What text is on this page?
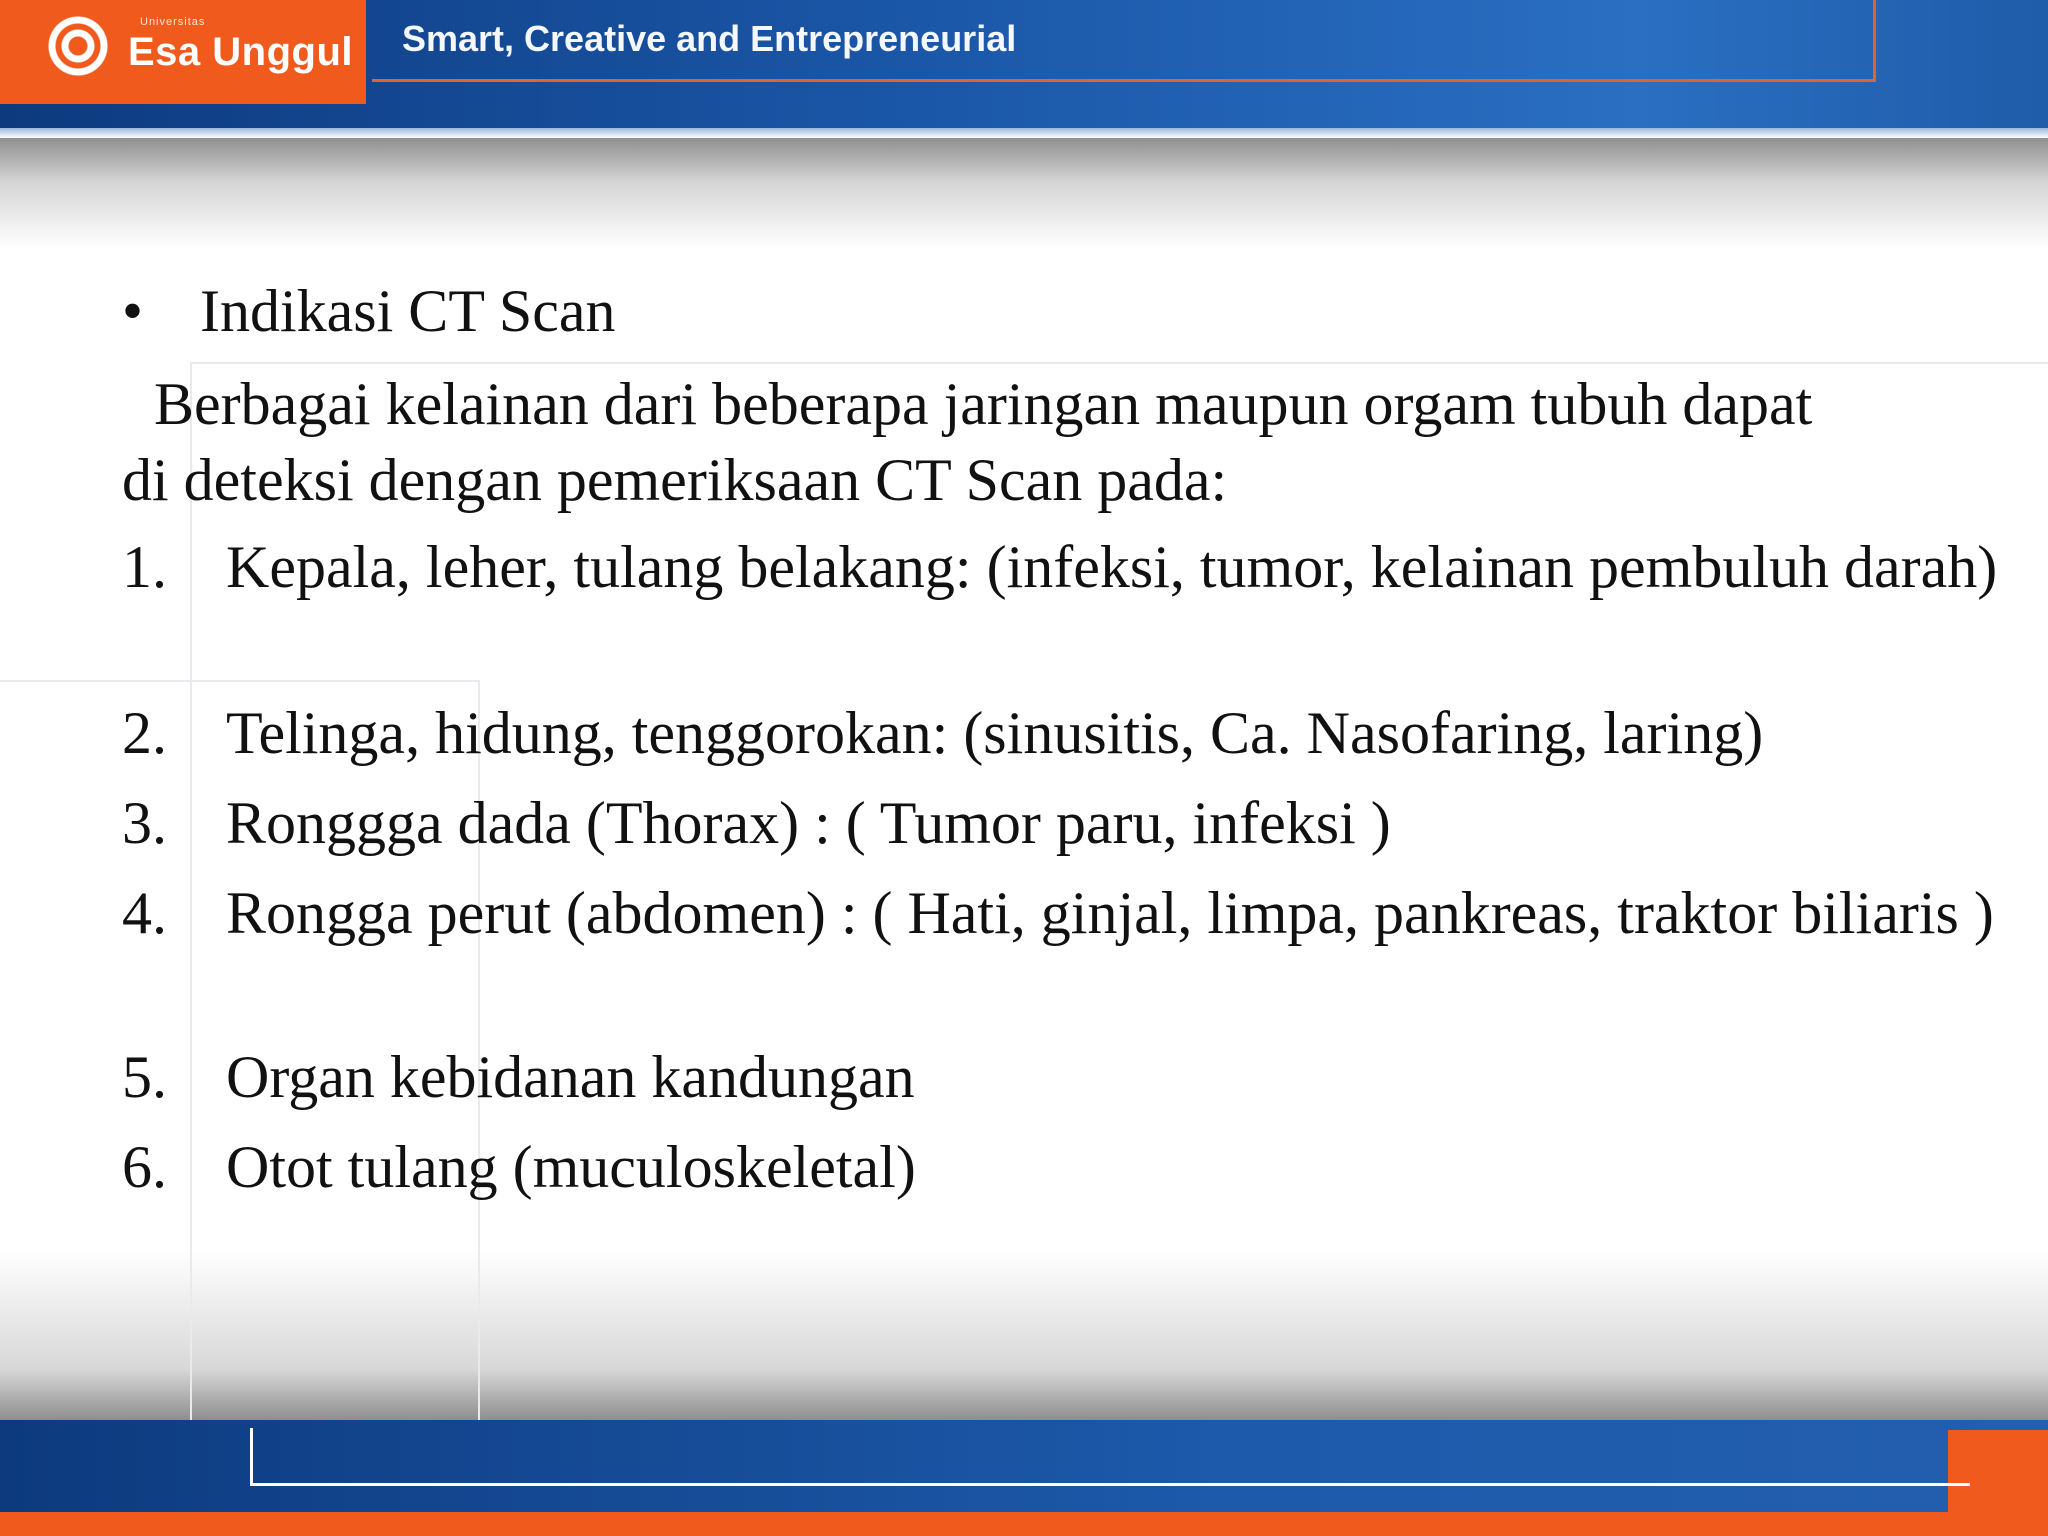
Universitas
Esa Unggul Smart, Creative and Entrepreneurial
• Indikasi CT Scan
Berbagai kelainan dari beberapa jaringan maupun orgam tubuh dapat
di deteksi dengan pemeriksaan CT Scan pada:
1. Kepala, leher, tulang belakang: (infeksi, tumor, kelainan pembuluh darah)
2. Telinga, hidung, tenggorokan: (sinusitis, Ca. Nasofaring, laring)
3. Ronggga dada (Thorax) : ( Tumor paru, infeksi )
4. Rongga perut (abdomen) : ( Hati, ginjal, limpa, pankreas, traktor biliaris )
5. Organ kebidanan kandungan
6. Otot tulang (muculoskeletal)
